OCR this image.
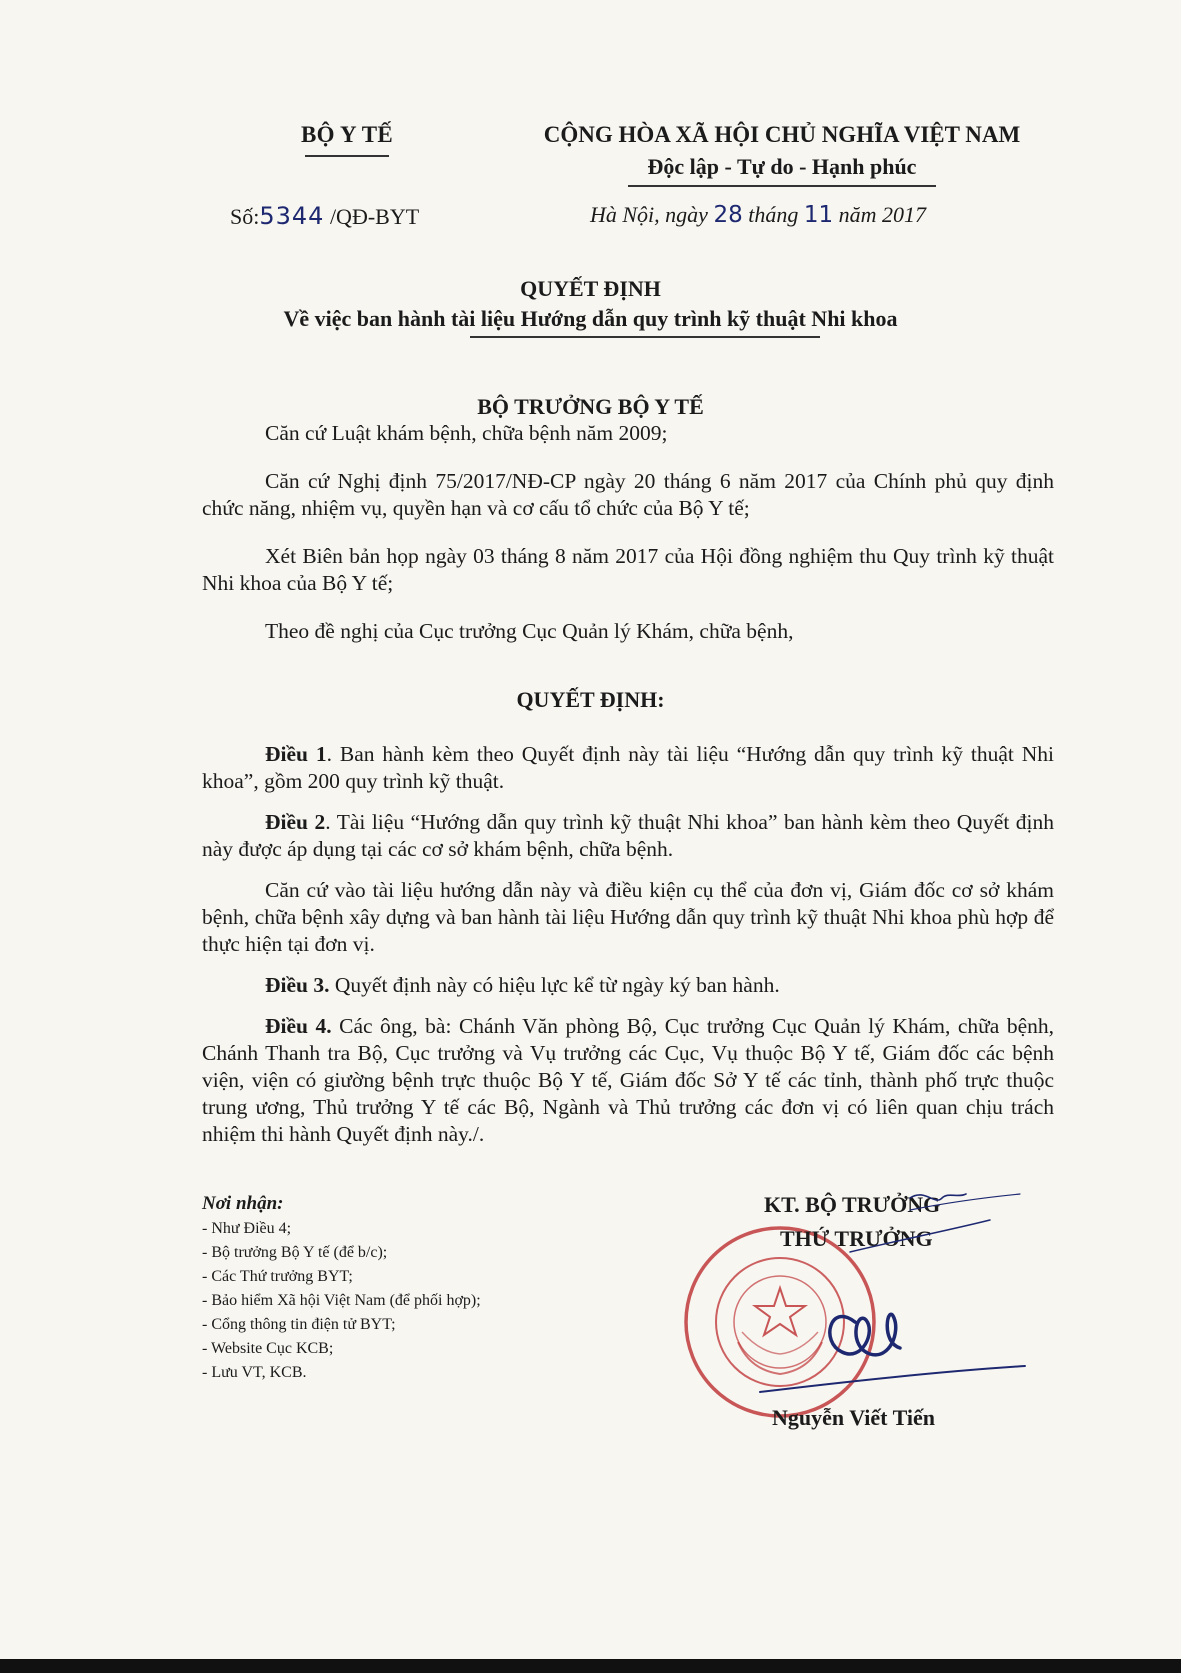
BỘ Y TẾ	CỘNG HÒA XÃ HỘI CHỦ NGHĨA VIỆT NAM
Độc lập - Tự do - Hạnh phúc
Số:5344 /QĐ-BYT	Hà Nội, ngày 28 tháng 11 năm 2017
QUYẾT ĐỊNH
Về việc ban hành tài liệu Hướng dẫn quy trình kỹ thuật Nhi khoa
BỘ TRƯỞNG BỘ Y TẾ

Căn cứ Luật khám bệnh, chữa bệnh năm 2009;

Căn cứ Nghị định 75/2017/NĐ-CP ngày 20 tháng 6 năm 2017 của Chính phủ quy định chức năng, nhiệm vụ, quyền hạn và cơ cấu tổ chức của Bộ Y tế;

Xét Biên bản họp ngày 03 tháng 8 năm 2017 của Hội đồng nghiệm thu Quy trình kỹ thuật Nhi khoa của Bộ Y tế;

Theo đề nghị của Cục trưởng Cục Quản lý Khám, chữa bệnh,

QUYẾT ĐỊNH:

Điều 1. Ban hành kèm theo Quyết định này tài liệu “Hướng dẫn quy trình kỹ thuật Nhi khoa”, gồm 200 quy trình kỹ thuật.

Điều 2. Tài liệu “Hướng dẫn quy trình kỹ thuật Nhi khoa” ban hành kèm theo Quyết định này được áp dụng tại các cơ sở khám bệnh, chữa bệnh.

Căn cứ vào tài liệu hướng dẫn này và điều kiện cụ thể của đơn vị, Giám đốc cơ sở khám bệnh, chữa bệnh xây dựng và ban hành tài liệu Hướng dẫn quy trình kỹ thuật Nhi khoa phù hợp để thực hiện tại đơn vị.

Điều 3. Quyết định này có hiệu lực kể từ ngày ký ban hành.

Điều 4. Các ông, bà: Chánh Văn phòng Bộ, Cục trưởng Cục Quản lý Khám, chữa bệnh, Chánh Thanh tra Bộ, Cục trưởng và Vụ trưởng các Cục, Vụ thuộc Bộ Y tế, Giám đốc các bệnh viện, viện có giường bệnh trực thuộc Bộ Y tế, Giám đốc Sở Y tế các tỉnh, thành phố trực thuộc trung ương, Thủ trưởng Y tế các Bộ, Ngành và Thủ trưởng các đơn vị có liên quan chịu trách nhiệm thi hành Quyết định này./.

Nơi nhận:
- Như Điều 4;
- Bộ trưởng Bộ Y tế (để b/c);
- Các Thứ trưởng BYT;
- Bảo hiểm Xã hội Việt Nam (để phối hợp);
- Cổng thông tin điện tử BYT;
- Website Cục KCB;
- Lưu VT, KCB.
KT. BỘ TRƯỞNG
THỨ TRƯỞNG
Nguyễn Viết Tiến
